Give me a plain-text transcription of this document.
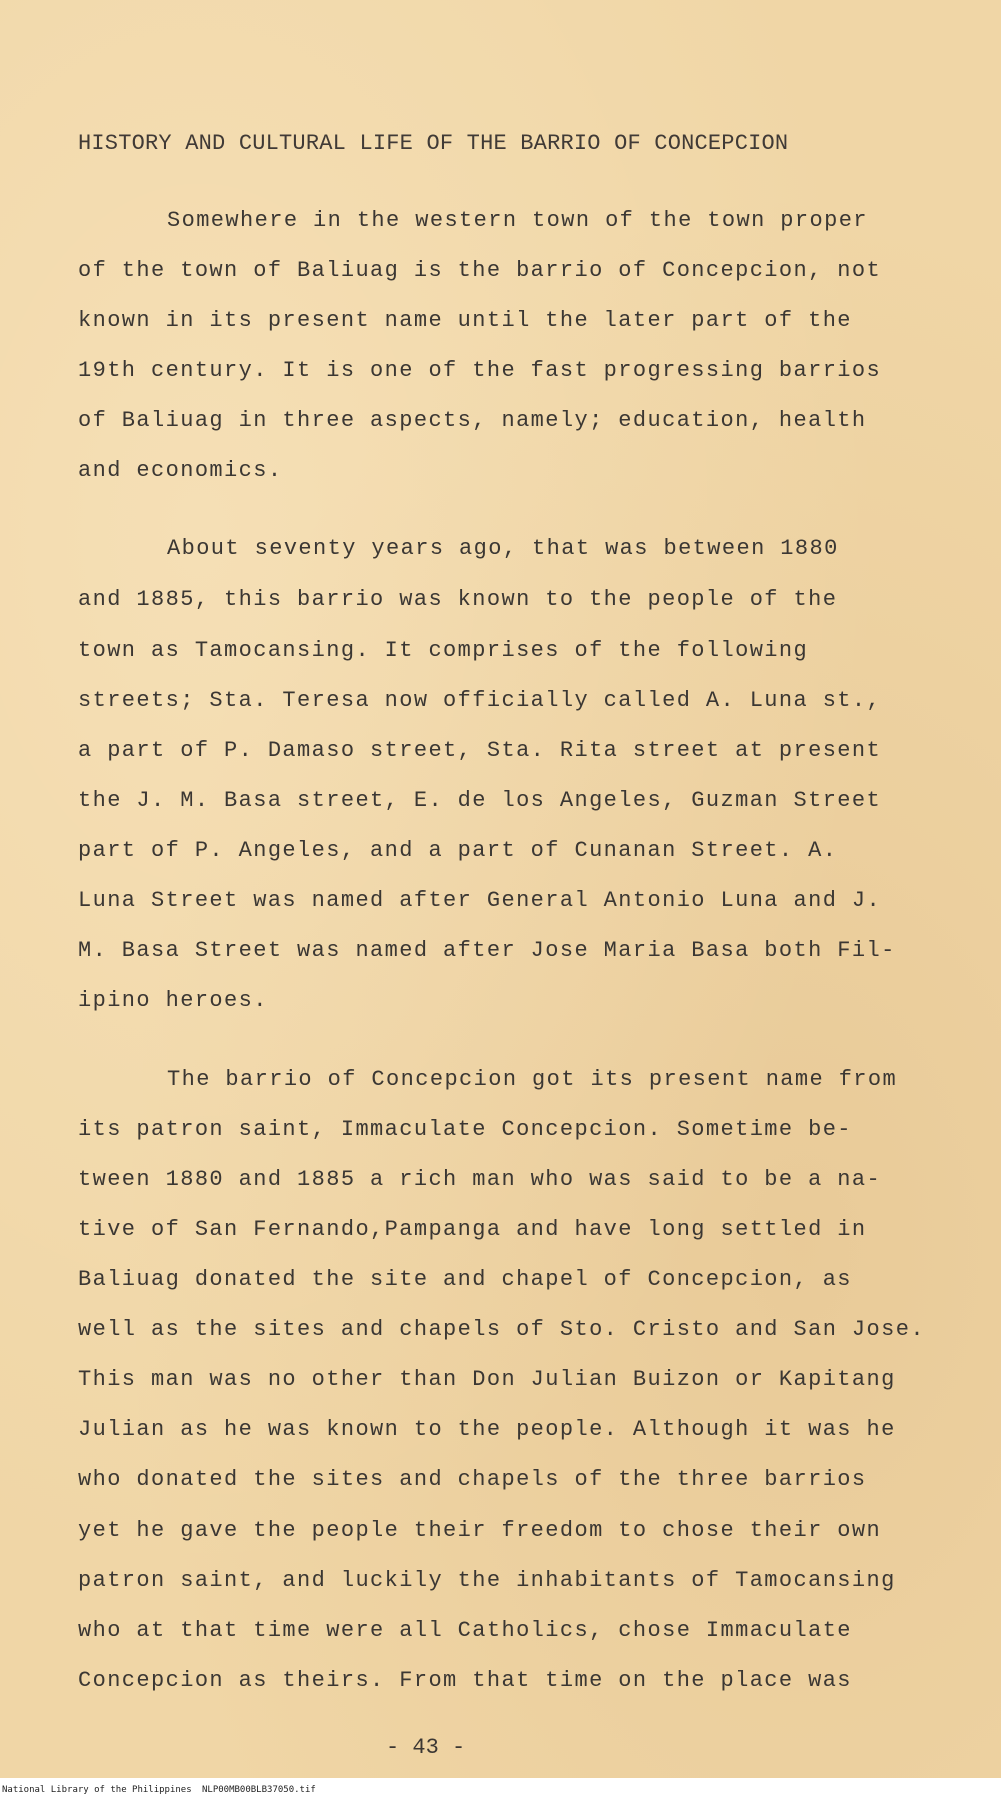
HISTORY AND CULTURAL LIFE OF THE BARRIO OF CONCEPCION
Somewhere in the western town of the town proper
of the town of Baliuag is the barrio of Concepcion, not
known in its present name until the later part of the
19th century. It is one of the fast progressing barrios
of Baliuag in three aspects, namely; education, health
and economics.
About seventy years ago, that was between 1880
and 1885, this barrio was known to the people of the
town as Tamocansing. It comprises of the following
streets; Sta. Teresa now officially called A. Luna st.,
a part of P. Damaso street, Sta. Rita street at present
the J. M. Basa street, E. de los Angeles, Guzman Street
part of P. Angeles, and a part of Cunanan Street. A.
Luna Street was named after General Antonio Luna and J.
M. Basa Street was named after Jose Maria Basa both Fil-
ipino heroes.
The barrio of Concepcion got its present name from
its patron saint, Immaculate Concepcion. Sometime be-
tween 1880 and 1885 a rich man who was said to be a na-
tive of San Fernando,Pampanga and have long settled in
Baliuag donated the site and chapel of Concepcion, as
well as the sites and chapels of Sto. Cristo and San Jose.
This man was no other than Don Julian Buizon or Kapitang
Julian as he was known to the people. Although it was he
who donated the sites and chapels of the three barrios
yet he gave the people their freedom to chose their own
patron saint, and luckily the inhabitants of Tamocansing
who at that time were all Catholics, chose Immaculate
Concepcion as theirs. From that time on the place was
- 43 -
National Library of the Philippines NLP00MB00BLB37050.tif
